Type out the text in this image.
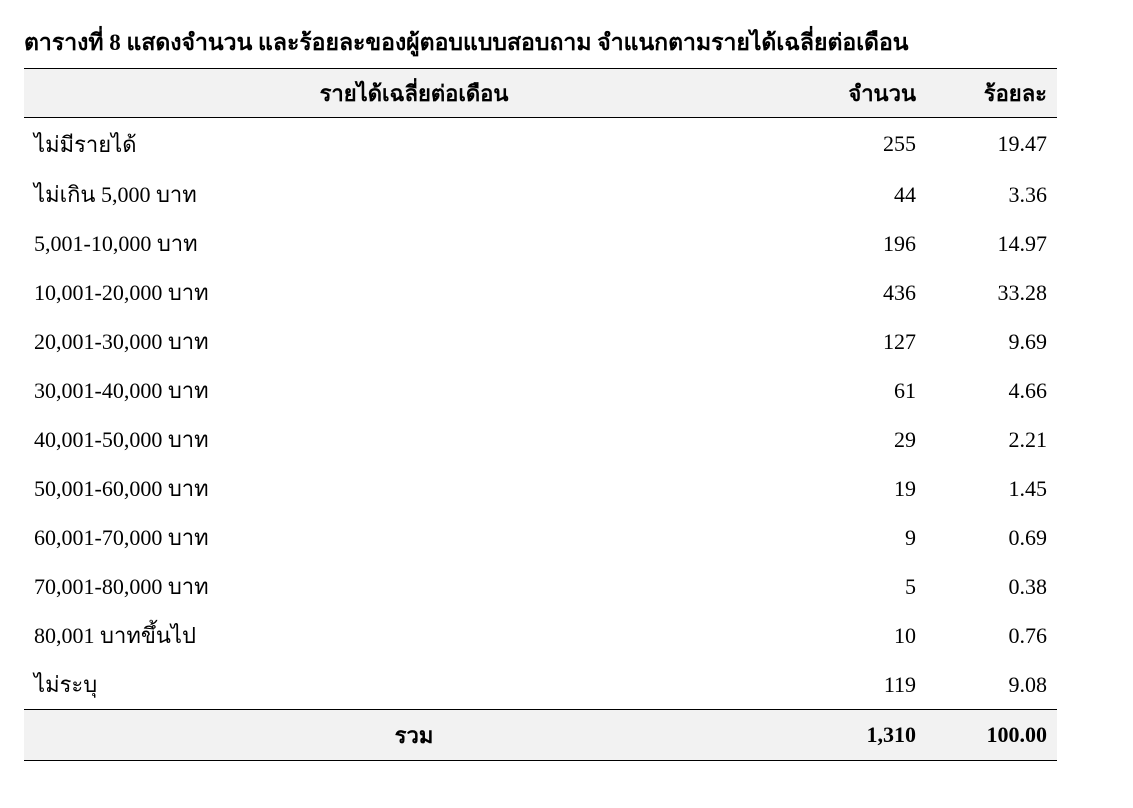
ตารางที่ 8 แสดงจำนวน และร้อยละของผู้ตอบแบบสอบถาม จำแนกตามรายได้เฉลี่ยต่อเดือน
รายได้เฉลี่ยต่อเดือน	จำนวน	ร้อยละ
ไม่มีรายได้	255	19.47
ไม่เกิน 5,000 บาท	44	3.36
5,001-10,000 บาท	196	14.97
10,001-20,000 บาท	436	33.28
20,001-30,000 บาท	127	9.69
30,001-40,000 บาท	61	4.66
40,001-50,000 บาท	29	2.21
50,001-60,000 บาท	19	1.45
60,001-70,000 บาท	9	0.69
70,001-80,000 บาท	5	0.38
80,001 บาทขึ้นไป	10	0.76
ไม่ระบุ	119	9.08
รวม	1,310	100.00
